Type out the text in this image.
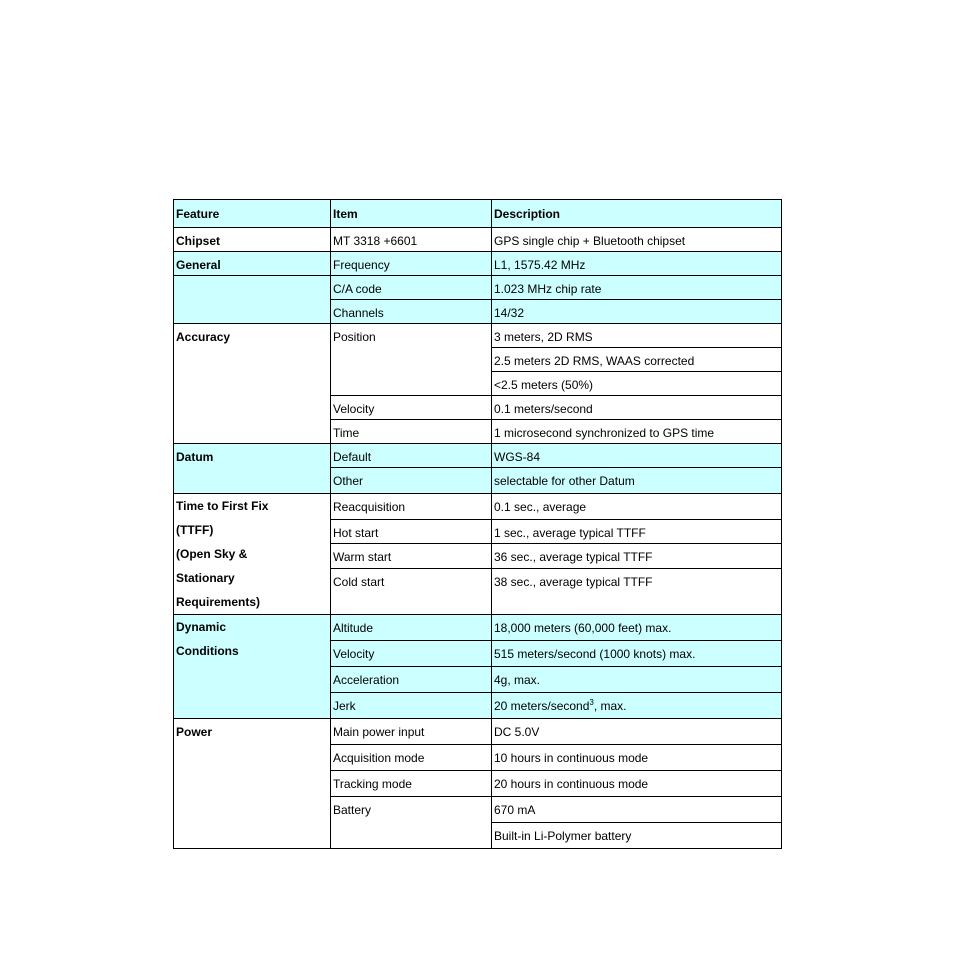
Feature	Item	Description

Chipset	MT 3318 +6601	GPS single chip + Bluetooth chipset

General	Frequency	L1, 1575.42 MHz

	C/A code	1.023 MHz chip rate

	Channels	14/32

Accuracy	Position	3 meters, 2D RMS

		2.5 meters 2D RMS, WAAS corrected

		<2.5 meters (50%)

	Velocity	0.1 meters/second

	Time	1 microsecond synchronized to GPS time

Datum	Default	WGS-84

	Other	selectable for other Datum

Time to First Fix
(TTFF)
(Open Sky &
Stationary
Requirements)	Reacquisition	0.1 sec., average

	Hot start	1 sec., average typical TTFF

	Warm start	36 sec., average typical TTFF

	Cold start	38 sec., average typical TTFF

Dynamic
Conditions	Altitude	18,000 meters (60,000 feet) max.

	Velocity	515 meters/second (1000 knots) max.

	Acceleration	4g, max.

	Jerk	20 meters/second$^3$, max.

Power	Main power input	DC 5.0V

	Acquisition mode	10 hours in continuous mode

	Tracking mode	20 hours in continuous mode

	Battery	670 mA

		Built-in Li-Polymer battery
